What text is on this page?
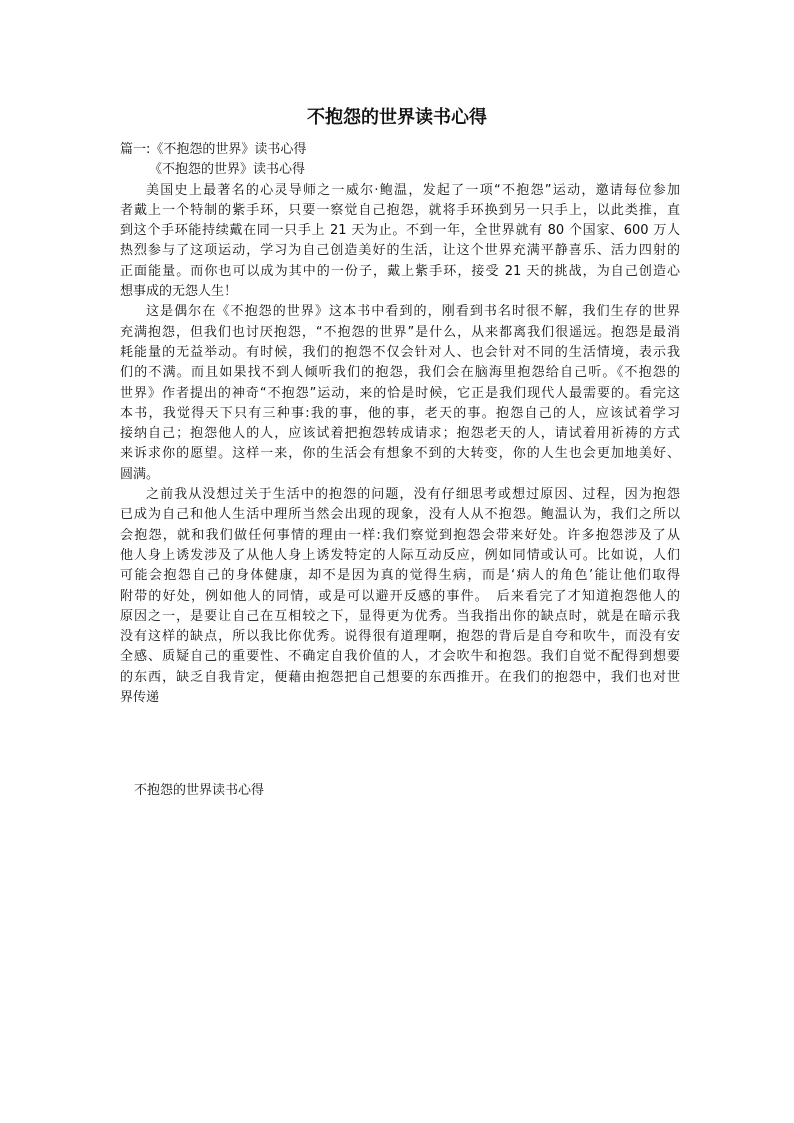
不抱怨的世界读书心得

篇一:《不抱怨的世界》读书心得

《不抱怨的世界》读书心得

美国史上最著名的心灵导师之一威尔·鲍温，发起了一项“不抱怨”运动，邀请每位参加

者戴上一个特制的紫手环，只要一察觉自己抱怨，就将手环换到另一只手上，以此类推，直

到这个手环能持续戴在同一只手上 21 天为止。不到一年，全世界就有 80 个国家、600 万人

热烈参与了这项运动，学习为自己创造美好的生活，让这个世界充满平静喜乐、活力四射的

正面能量。而你也可以成为其中的一份子，戴上紫手环，接受 21 天的挑战，为自己创造心

想事成的无怨人生！

这是偶尔在《不抱怨的世界》这本书中看到的，刚看到书名时很不解，我们生存的世界

充满抱怨，但我们也讨厌抱怨，“不抱怨的世界”是什么，从来都离我们很遥远。抱怨是最消

耗能量的无益举动。有时候，我们的抱怨不仅会针对人、也会针对不同的生活情境，表示我

们的不满。而且如果找不到人倾听我们的抱怨，我们会在脑海里抱怨给自己听。《不抱怨的

世界》作者提出的神奇“不抱怨”运动，来的恰是时候，它正是我们现代人最需要的。看完这

本书，我觉得天下只有三种事:我的事，他的事，老天的事。抱怨自己的人，应该试着学习

接纳自己；抱怨他人的人，应该试着把抱怨转成请求；抱怨老天的人，请试着用祈祷的方式

来诉求你的愿望。这样一来，你的生活会有想象不到的大转变，你的人生也会更加地美好、

圆满。

之前我从没想过关于生活中的抱怨的问题，没有仔细思考或想过原因、过程，因为抱怨

已成为自己和他人生活中理所当然会出现的现象，没有人从不抱怨。鲍温认为，我们之所以

会抱怨，就和我们做任何事情的理由一样:我们察觉到抱怨会带来好处。许多抱怨涉及了从

他人身上诱发涉及了从他人身上诱发特定的人际互动反应，例如同情或认可。比如说，人们

可能会抱怨自己的身体健康，却不是因为真的觉得生病，而是‘病人的角色’能让他们取得

附带的好处，例如他人的同情，或是可以避开反感的事件。　后来看完了才知道抱怨他人的

原因之一，是要让自己在互相较之下，显得更为优秀。当我指出你的缺点时，就是在暗示我

没有这样的缺点，所以我比你优秀。说得很有道理啊，抱怨的背后是自夸和吹牛，而没有安

全感、质疑自己的重要性、不确定自我价值的人，才会吹牛和抱怨。我们自觉不配得到想要

的东西，缺乏自我肯定，便藉由抱怨把自己想要的东西推开。在我们的抱怨中，我们也对世

界传递

不抱怨的世界读书心得
